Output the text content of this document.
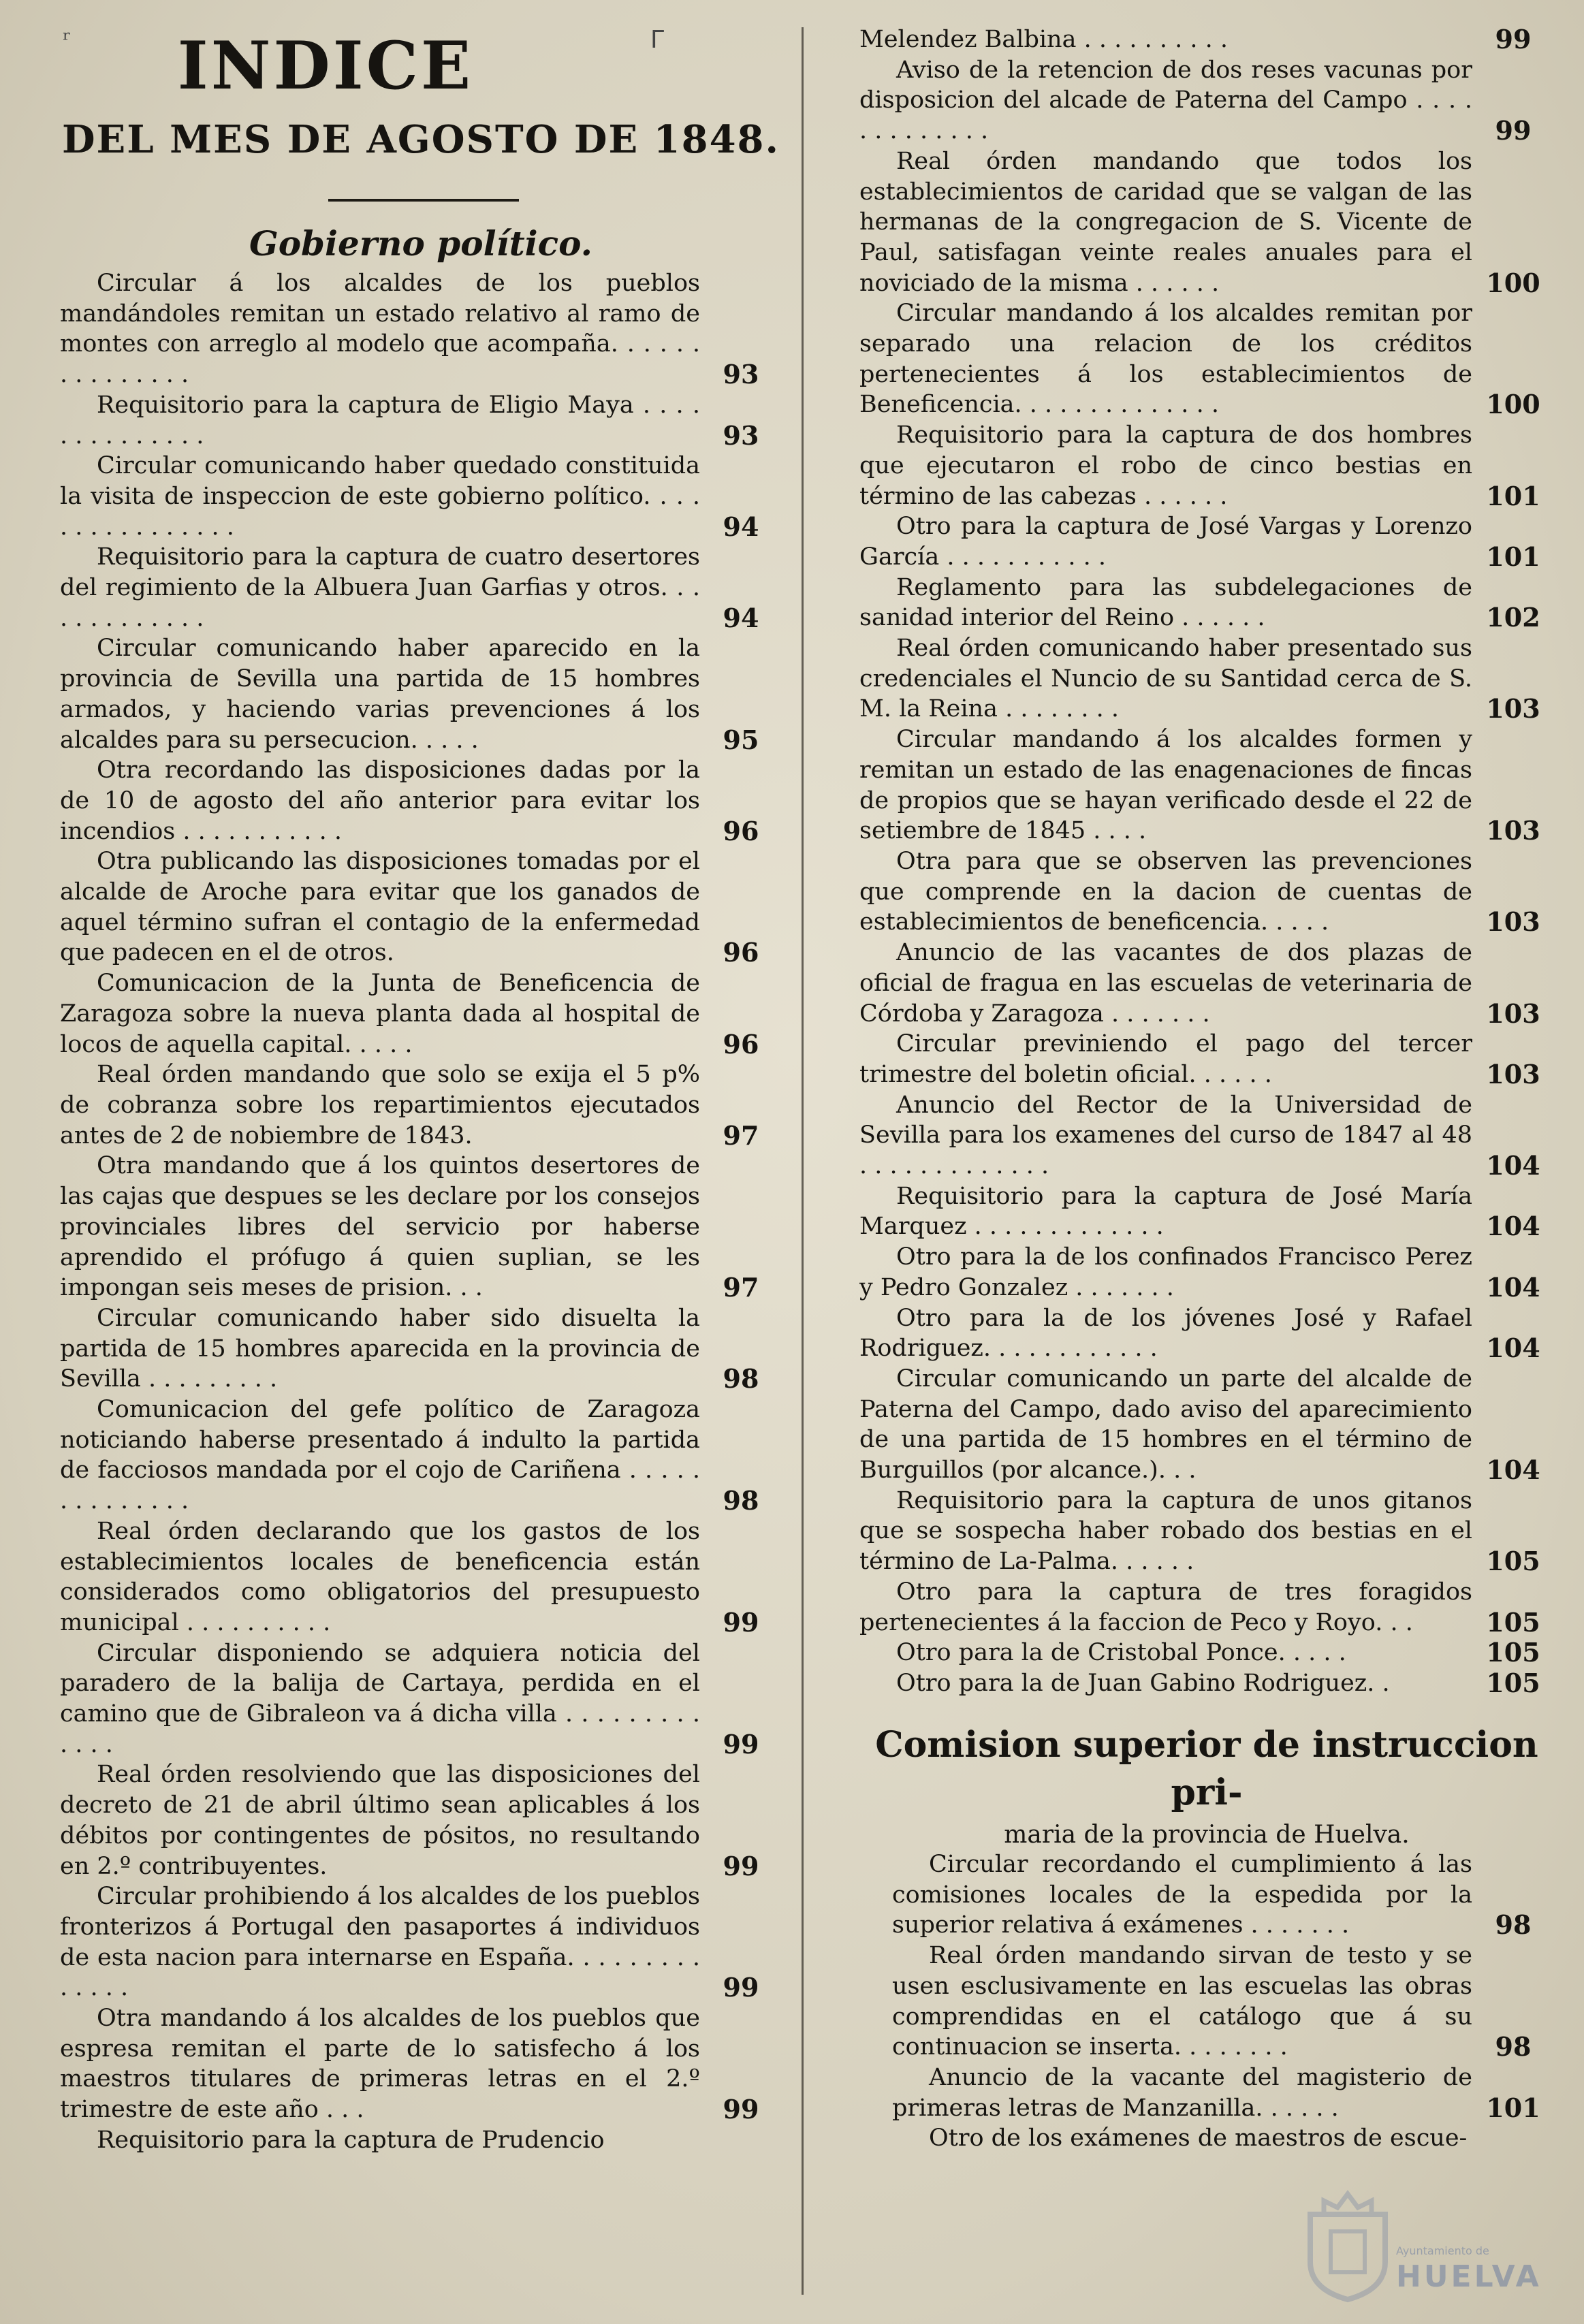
ʳ	ᒥ
INDICE
DEL MES DE AGOSTO DE 1848.
Gobierno político.
Circular á los alcaldes de los pueblos mandándoles remitan un estado relativo al ramo de montes con arreglo al modelo que acompaña. . . . . . . . . . . . . . .	93
Requisitorio para la captura de Eligio Maya . . . . . . . . . . . . . .	93
Circular comunicando haber quedado constituida la visita de inspeccion de este gobierno político. . . . . . . . . . . . . . . .	94
Requisitorio para la captura de cuatro desertores del regimiento de la Albuera Juan Garfias y otros. . . . . . . . . . . . .	94
Circular comunicando haber aparecido en la provincia de Sevilla una partida de 15 hombres armados, y haciendo varias prevenciones á los alcaldes para su persecucion. . . . .	95
Otra recordando las disposiciones dadas por la de 10 de agosto del año anterior para evitar los incendios . . . . . . . . . . .	96
Otra publicando las disposiciones tomadas por el alcalde de Aroche para evitar que los ganados de aquel término sufran el contagio de la enfermedad que padecen en el de otros.	96
Comunicacion de la Junta de Beneficencia de Zaragoza sobre la nueva planta dada al hospital de locos de aquella capital. . . . .	96
Real órden mandando que solo se exija el 5 p% de cobranza sobre los repartimientos ejecutados antes de 2 de nobiembre de 1843.	97
Otra mandando que á los quintos desertores de las cajas que despues se les declare por los consejos provinciales libres del servicio por haberse aprendido el prófugo á quien suplian, se les impongan seis meses de prision. . .	97
Circular comunicando haber sido disuelta la partida de 15 hombres aparecida en la provincia de Sevilla . . . . . . . . .	98
Comunicacion del gefe político de Zaragoza noticiando haberse presentado á indulto la partida de facciosos mandada por el cojo de Cariñena . . . . . . . . . . . . . .	98
Real órden declarando que los gastos de los establecimientos locales de beneficencia están considerados como obligatorios del presupuesto municipal . . . . . . . . . .	99
Circular disponiendo se adquiera noticia del paradero de la balija de Cartaya, perdida en el camino que de Gibraleon va á dicha villa . . . . . . . . . . . . .	99
Real órden resolviendo que las disposiciones del decreto de 21 de abril último sean aplicables á los débitos por contingentes de pósitos, no resultando en 2.º contribuyentes.	99
Circular prohibiendo á los alcaldes de los pueblos fronterizos á Portugal den pasaportes á individuos de esta nacion para internarse en España. . . . . . . . . . . . . .	99
Otra mandando á los alcaldes de los pueblos que espresa remitan el parte de lo satisfecho á los maestros titulares de primeras letras en el 2.º trimestre de este año . . .	99
Requisitorio para la captura de Prudencio
Melendez Balbina . . . . . . . . . .	99
Aviso de la retencion de dos reses vacunas por disposicion del alcade de Paterna del Campo . . . . . . . . . . . . .	99
Real órden mandando que todos los establecimientos de caridad que se valgan de las hermanas de la congregacion de S. Vicente de Paul, satisfagan veinte reales anuales para el noviciado de la misma . . . . . .	100
Circular mandando á los alcaldes remitan por separado una relacion de los créditos pertenecientes á los establecimientos de Beneficencia. . . . . . . . . . . . . .	100
Requisitorio para la captura de dos hombres que ejecutaron el robo de cinco bestias en término de las cabezas . . . . . .	101
Otro para la captura de José Vargas y Lorenzo García . . . . . . . . . . .	101
Reglamento para las subdelegaciones de sanidad interior del Reino . . . . . .	102
Real órden comunicando haber presentado sus credenciales el Nuncio de su Santidad cerca de S. M. la Reina . . . . . . . .	103
Circular mandando á los alcaldes formen y remitan un estado de las enagenaciones de fincas de propios que se hayan verificado desde el 22 de setiembre de 1845 . . . .	103
Otra para que se observen las prevenciones que comprende en la dacion de cuentas de establecimientos de beneficencia. . . . .	103
Anuncio de las vacantes de dos plazas de oficial de fragua en las escuelas de veterinaria de Córdoba y Zaragoza . . . . . . .	103
Circular previniendo el pago del tercer trimestre del boletin oficial. . . . . .	103
Anuncio del Rector de la Universidad de Sevilla para los examenes del curso de 1847 al 48 . . . . . . . . . . . . .	104
Requisitorio para la captura de José María Marquez . . . . . . . . . . . . .	104
Otro para la de los confinados Francisco Perez y Pedro Gonzalez . . . . . . .	104
Otro para la de los jóvenes José y Rafael Rodriguez. . . . . . . . . . . .	104
Circular comunicando un parte del alcalde de Paterna del Campo, dado aviso del aparecimiento de una partida de 15 hombres en el término de Burguillos (por alcance.). . .	104
Requisitorio para la captura de unos gitanos que se sospecha haber robado dos bestias en el término de La-Palma. . . . . .	105
Otro para la captura de tres foragidos pertenecientes á la faccion de Peco y Royo. . .	105
Otro para la de Cristobal Ponce. . . . .	105
Otro para la de Juan Gabino Rodriguez. .	105
Comision superior de instruccion pri-
maria de la provincia de Huelva.
Circular recordando el cumplimiento á las comisiones locales de la espedida por la superior relativa á exámenes . . . . . . .	98
Real órden mandando sirvan de testo y se usen esclusivamente en las escuelas las obras comprendidas en el catálogo que á su continuacion se inserta. . . . . . . .	98
Anuncio de la vacante del magisterio de primeras letras de Manzanilla. . . . . .	101
Otro de los exámenes de maestros de escue-
Ayuntamiento de
HUELVA
